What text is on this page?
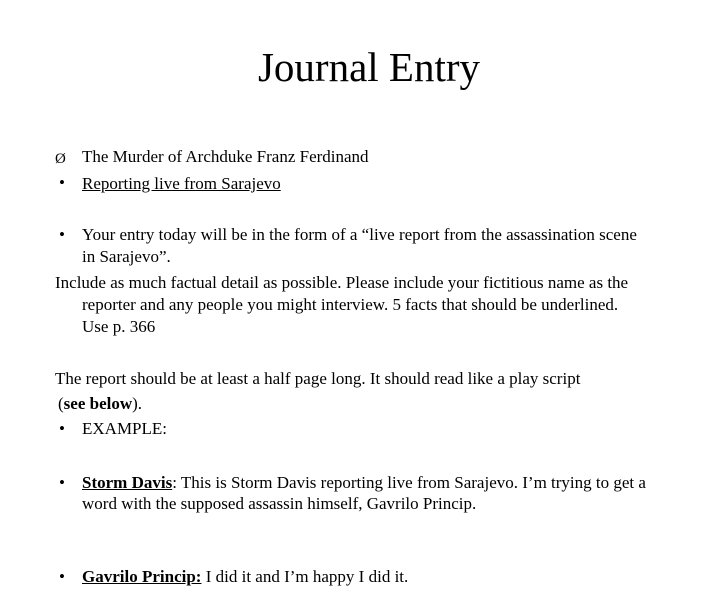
Journal Entry
Ø The Murder of Archduke Franz Ferdinand
• Reporting live from Sarajevo
• Your entry today will be in the form of a “live report from the assassination scene
in Sarajevo”.
Include as much factual detail as possible. Please include your fictitious name as the
reporter and any people you might interview. 5 facts that should be underlined.
Use p. 366
The report should be at least a half page long. It should read like a play script
(see below).
• EXAMPLE:
• Storm Davis: This is Storm Davis reporting live from Sarajevo. I’m trying to get a
word with the supposed assassin himself, Gavrilo Princip.
• Gavrilo Princip: I did it and I’m happy I did it.
